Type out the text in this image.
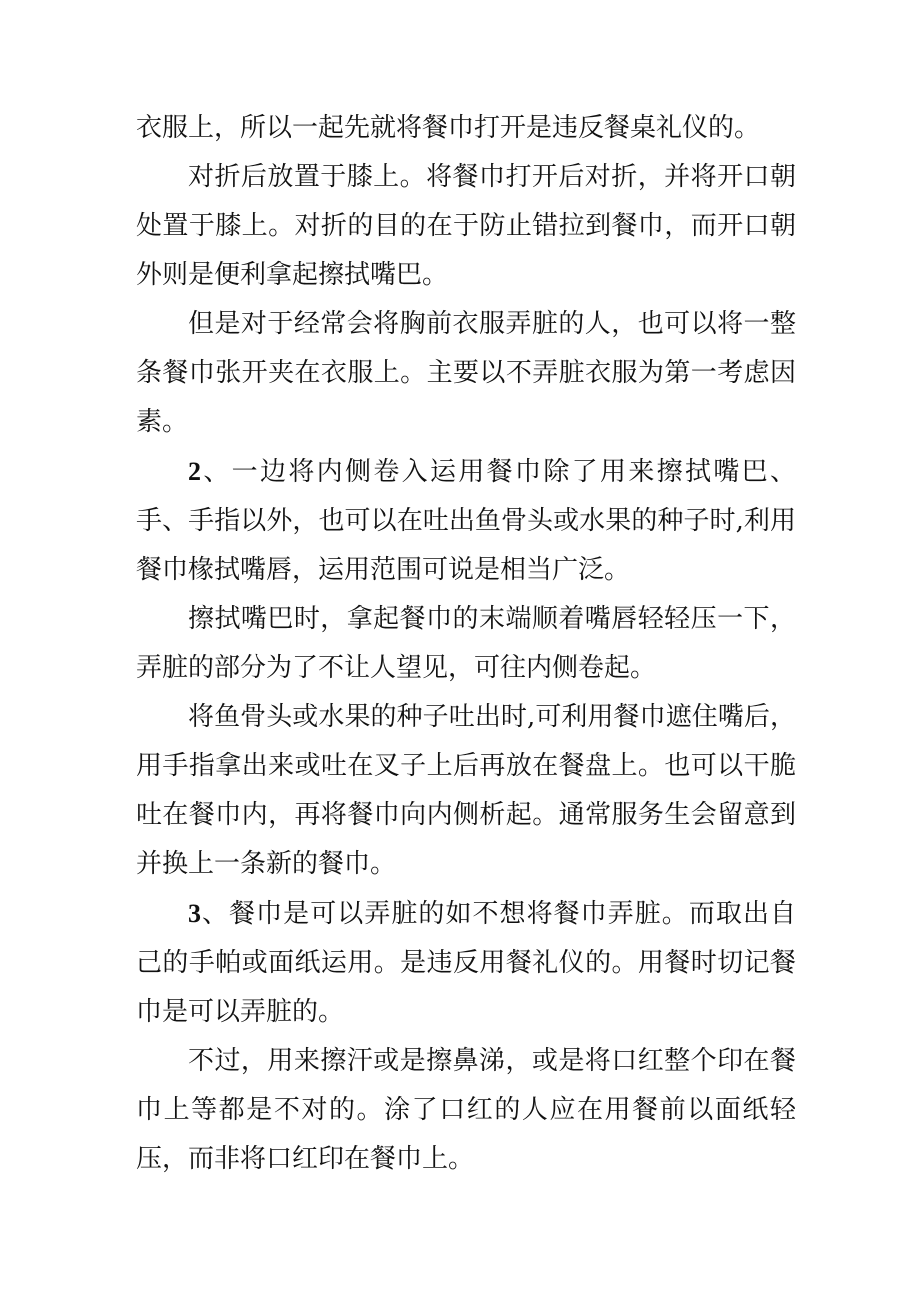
衣服上，所以一起先就将餐巾打开是违反餐桌礼仪的。

对折后放置于膝上。将餐巾打开后对折，并将开口朝处置于膝上。对折的目的在于防止错拉到餐巾，而开口朝外则是便利拿起擦拭嘴巴。

但是对于经常会将胸前衣服弄脏的人，也可以将一整条餐巾张开夹在衣服上。主要以不弄脏衣服为第一考虑因素。

2、一边将内侧卷入运用餐巾除了用来擦拭嘴巴、手、手指以外，也可以在吐出鱼骨头或水果的种子时,利用餐巾椽拭嘴唇，运用范围可说是相当广泛。

擦拭嘴巴时，拿起餐巾的末端顺着嘴唇轻轻压一下，弄脏的部分为了不让人望见，可往内侧卷起。

将鱼骨头或水果的种子吐出时,可利用餐巾遮住嘴后，用手指拿出来或吐在叉子上后再放在餐盘上。也可以干脆吐在餐巾内，再将餐巾向内侧析起。通常服务生会留意到并换上一条新的餐巾。

3、餐巾是可以弄脏的如不想将餐巾弄脏。而取出自己的手帕或面纸运用。是违反用餐礼仪的。用餐时切记餐巾是可以弄脏的。

不过，用来擦汗或是擦鼻涕，或是将口红整个印在餐巾上等都是不对的。涂了口红的人应在用餐前以面纸轻压，而非将口红印在餐巾上。
